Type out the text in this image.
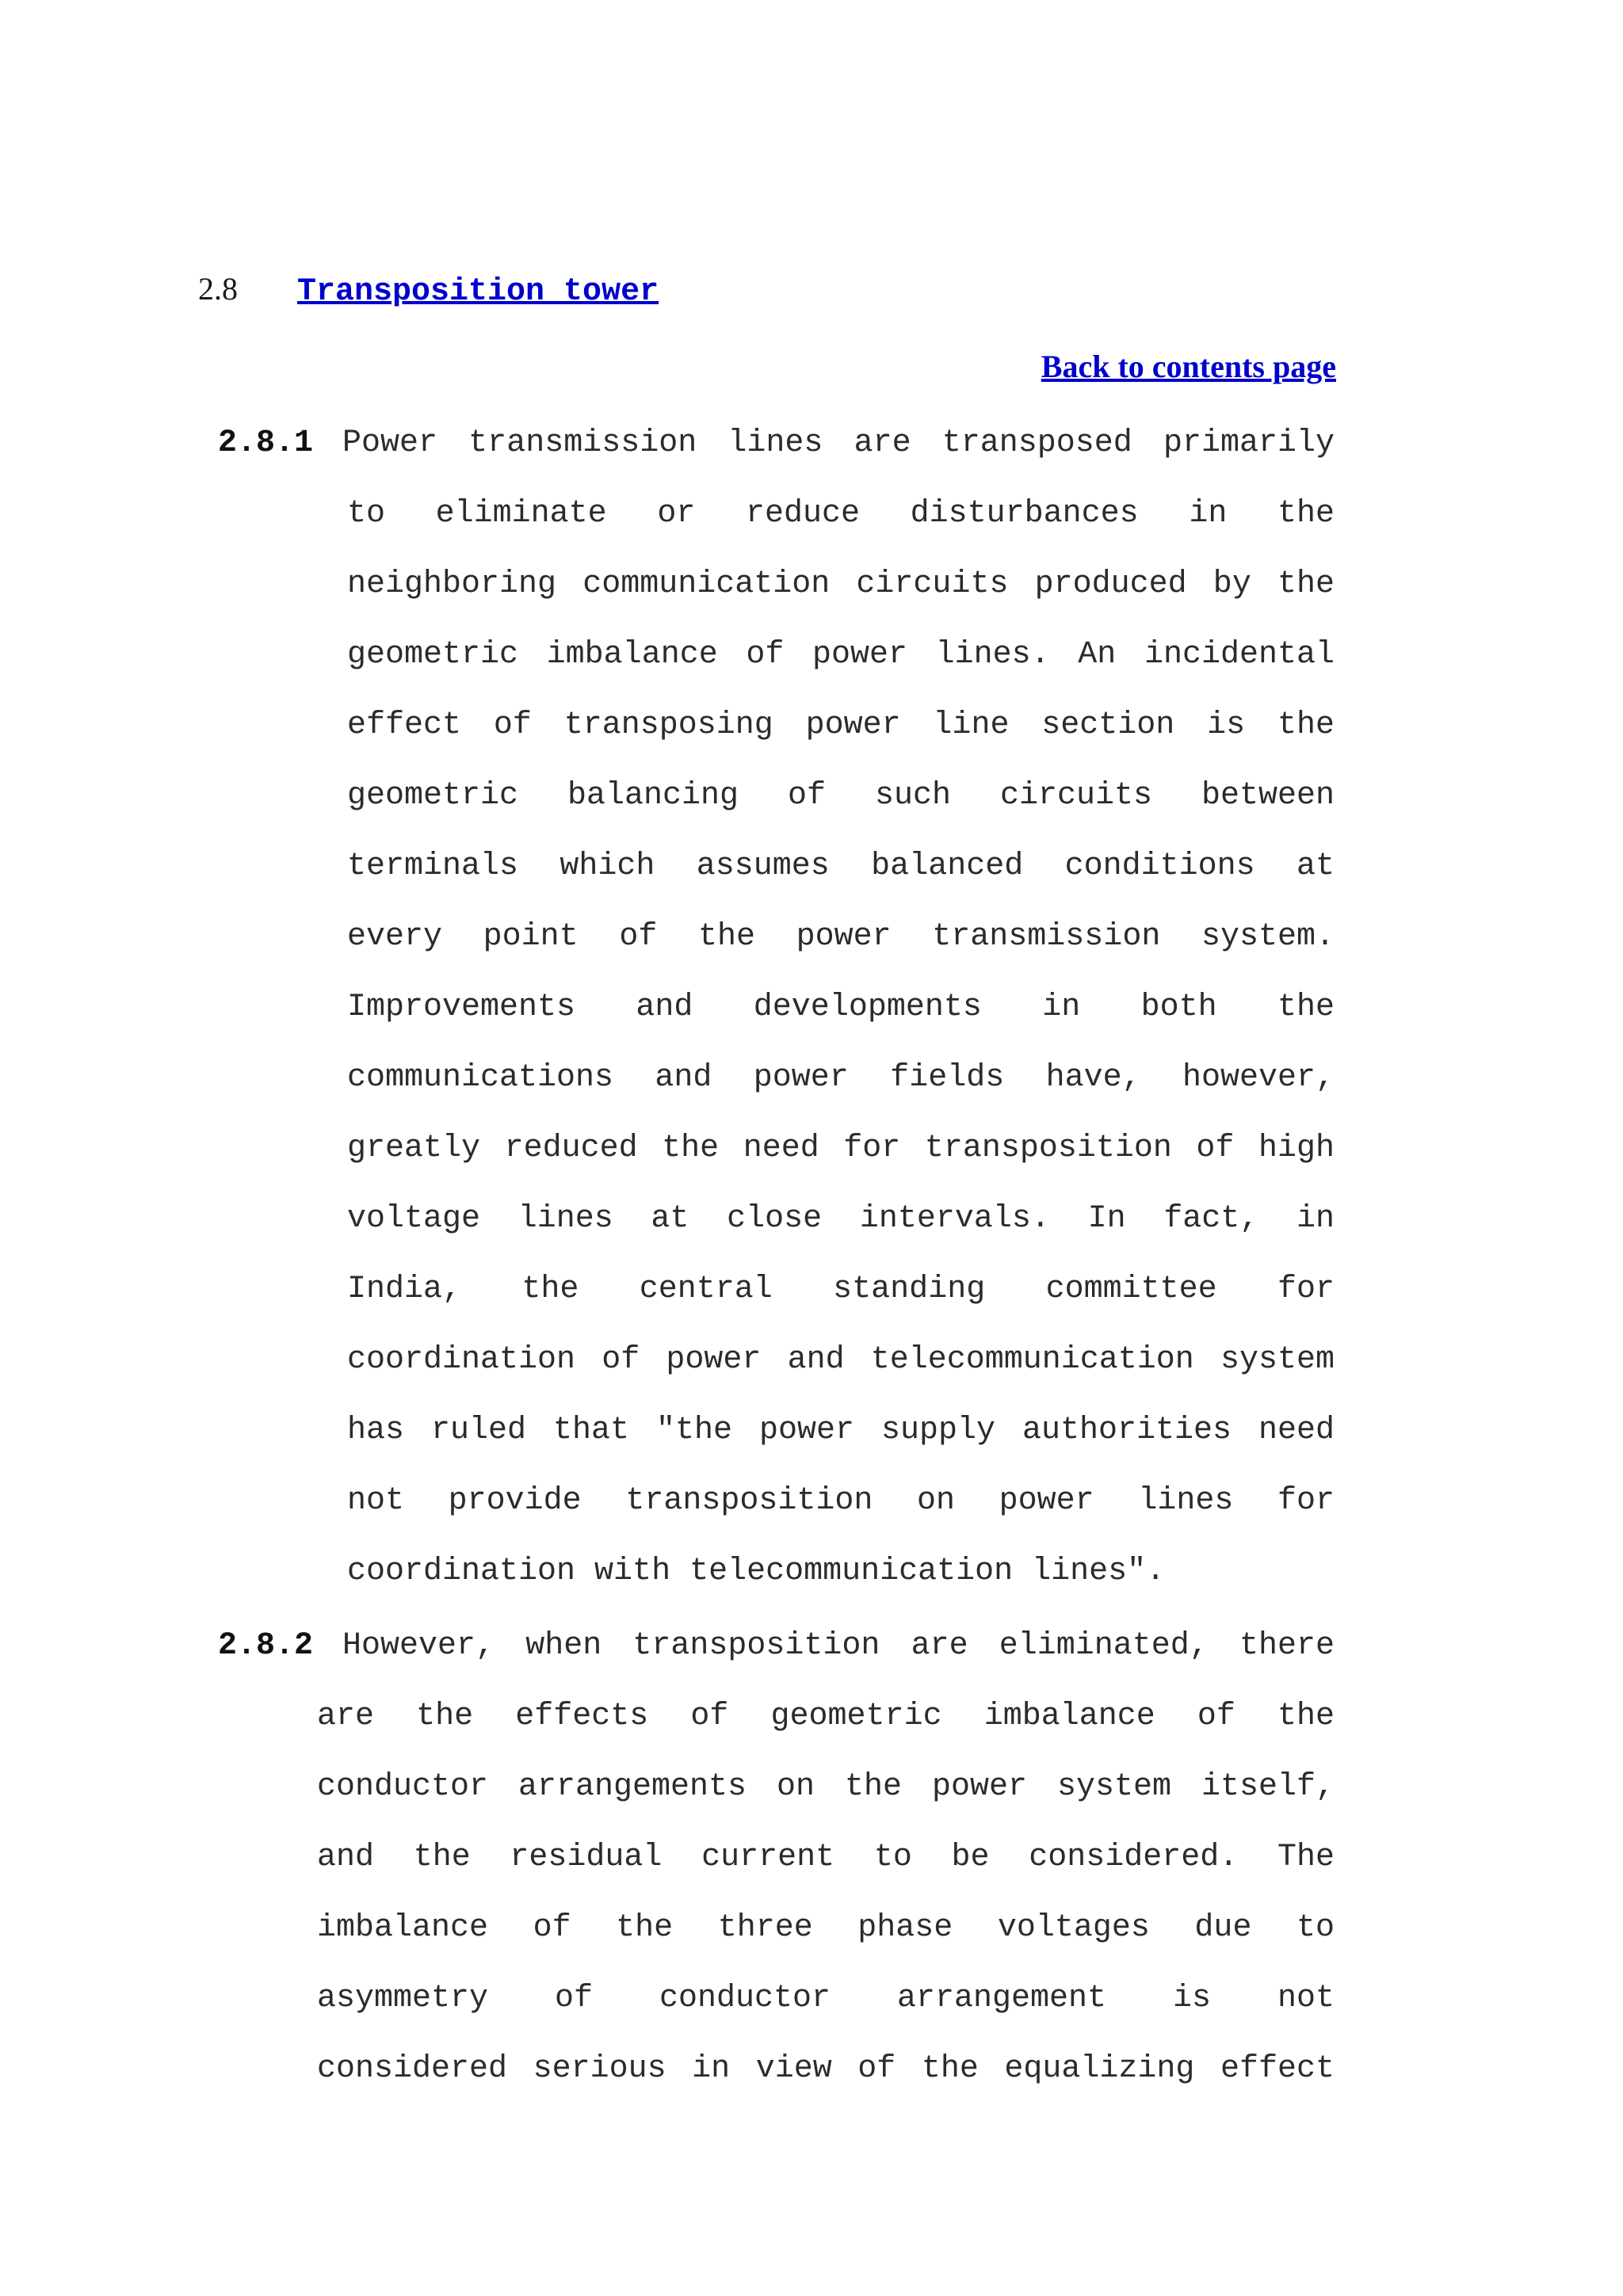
2.8 Transposition tower
Back to contents page
2.8.1 Power transmission lines are transposed primarily
to eliminate or reduce disturbances in the
neighboring communication circuits produced by the
geometric imbalance of power lines. An incidental
effect of transposing power line section is the
geometric balancing of such circuits between
terminals which assumes balanced conditions at
every point of the power transmission system.
Improvements and developments in both the
communications and power fields have, however,
greatly reduced the need for transposition of high
voltage lines at close intervals. In fact, in
India, the central standing committee for
coordination of power and telecommunication system
has ruled that "the power supply authorities need
not provide transposition on power lines for
coordination with telecommunication lines".
2.8.2 However, when transposition are eliminated, there
are the effects of geometric imbalance of the
conductor arrangements on the power system itself,
and the residual current to be considered. The
imbalance of the three phase voltages due to
asymmetry of conductor arrangement is not
considered serious in view of the equalizing effect
